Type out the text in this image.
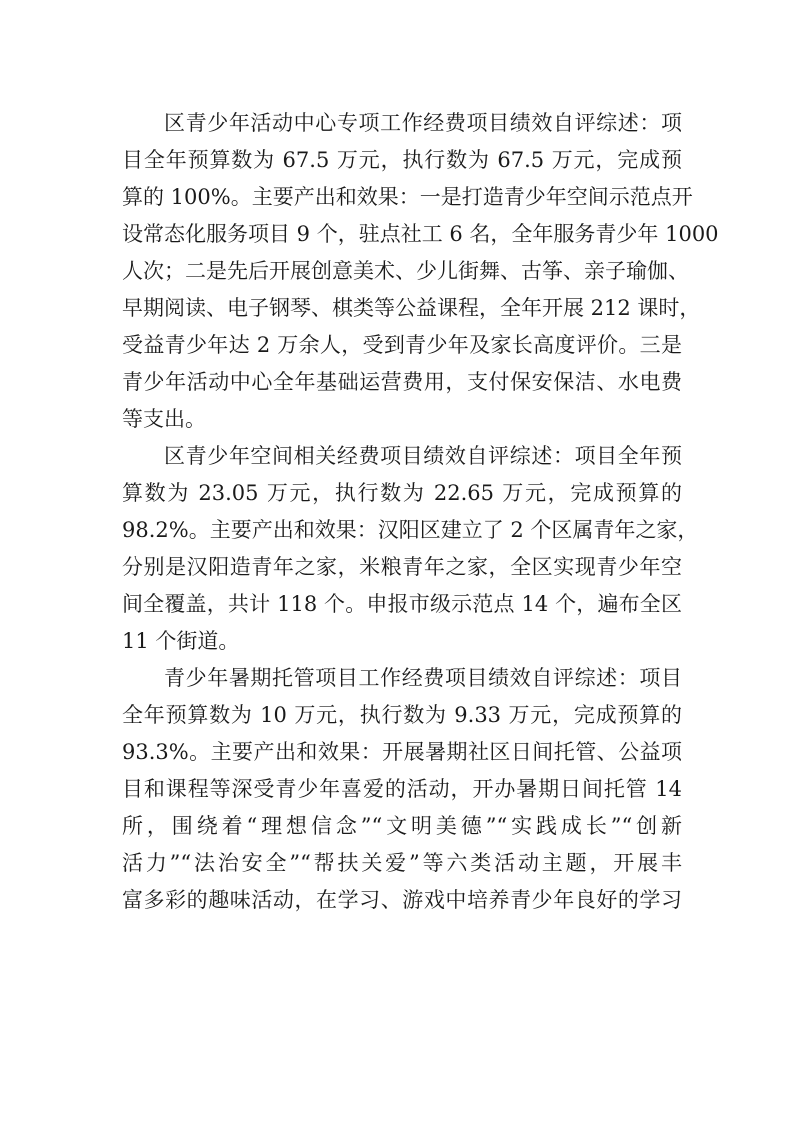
区青少年活动中心专项工作经费项目绩效自评综述：项
目全年预算数为 67.5 万元，执行数为 67.5 万元，完成预
算的 100%。主要产出和效果：一是打造青少年空间示范点开
设常态化服务项目 9 个，驻点社工 6 名，全年服务青少年 1000
人次；二是先后开展创意美术、少儿街舞、古筝、亲子瑜伽、
早期阅读、电子钢琴、棋类等公益课程，全年开展 212 课时，
受益青少年达 2 万余人，受到青少年及家长高度评价。三是
青少年活动中心全年基础运营费用，支付保安保洁、水电费
等支出。
区青少年空间相关经费项目绩效自评综述：项目全年预
算数为 23.05 万元，执行数为 22.65 万元，完成预算的
98.2%。主要产出和效果：汉阳区建立了 2 个区属青年之家，
分别是汉阳造青年之家，米粮青年之家，全区实现青少年空
间全覆盖，共计 118 个。申报市级示范点 14 个，遍布全区
11 个街道。
青少年暑期托管项目工作经费项目绩效自评综述：项目
全年预算数为 10 万元，执行数为 9.33 万元，完成预算的
93.3%。主要产出和效果：开展暑期社区日间托管、公益项
目和课程等深受青少年喜爱的活动，开办暑期日间托管 14
所，围绕着“理想信念”“文明美德”“实践成长”“创新
活力”“法治安全”“帮扶关爱”等六类活动主题，开展丰
富多彩的趣味活动，在学习、游戏中培养青少年良好的学习
